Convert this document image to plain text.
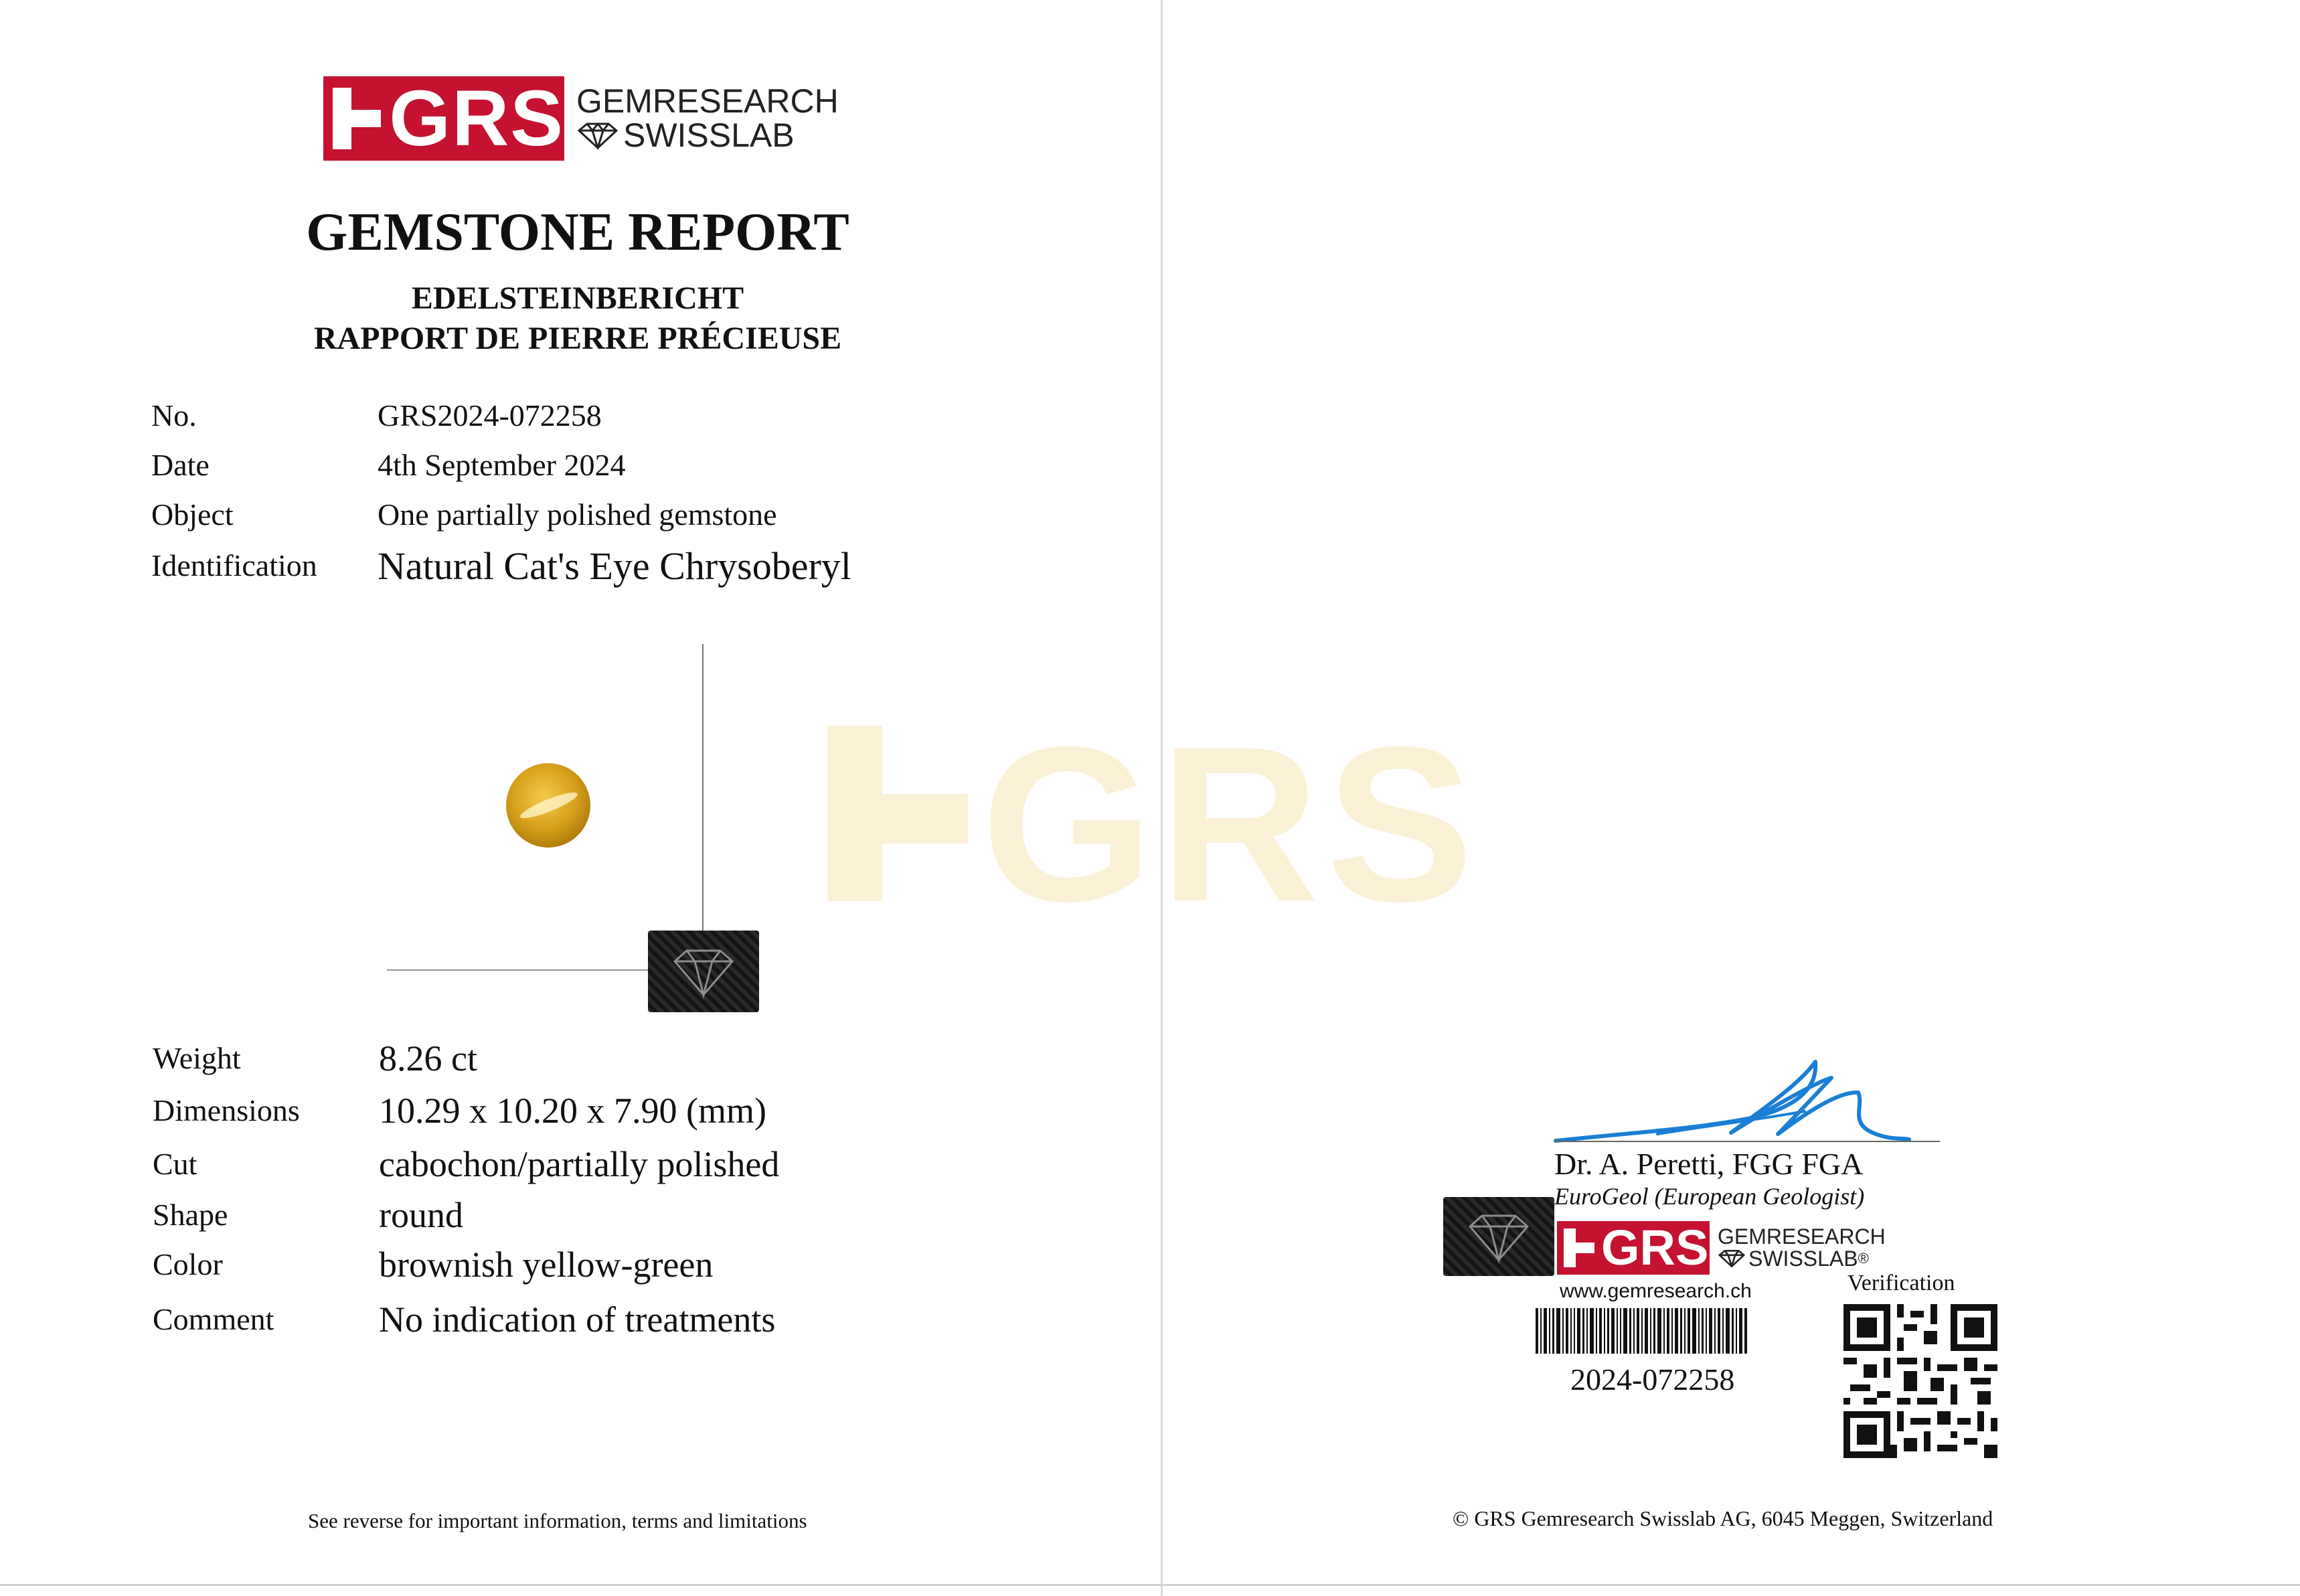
GRS GEMRESEARCH
SWISSLAB
GEMSTONE REPORT
EDELSTEINBERICHT
RAPPORT DE PIERRE PRÉCIEUSE
No.	GRS2024-072258
Date	4th September 2024
Object	One partially polished gemstone
Identification Natural Cat's Eye Chrysoberyl
GRS
Weight	8.26 ct
Dimensions 10.29 x 10.20 x 7.90 (mm)
Cut	cabochon/partially polished
Shape	round
Color	brownish yellow-green
Comment	No indication of treatments
See reverse for important information, terms and limitations
Dr. A. Peretti, FGG FGA
EuroGeol (European Geologist)
GRS GEMRESEARCH
SWISSLAB ®
www.gemresearch.ch
2024-072258
Verification
© GRS Gemresearch Swisslab AG, 6045 Meggen, Switzerland
